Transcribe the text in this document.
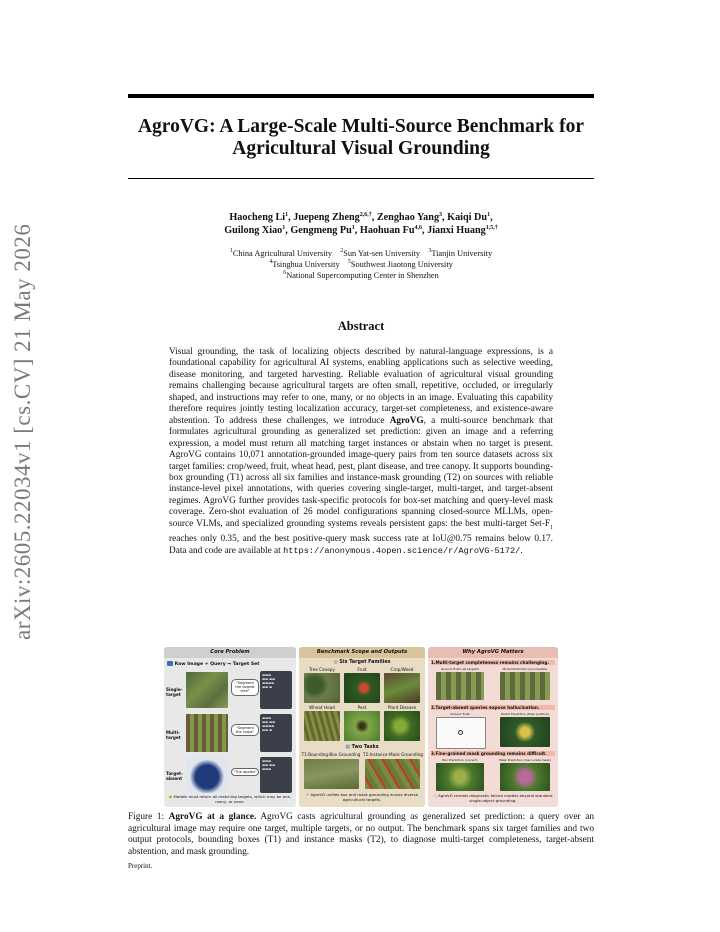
arXiv:2605.22034v1 [cs.CV] 21 May 2026
AgroVG: A Large-Scale Multi-Source Benchmark for
Agricultural Visual Grounding
Haocheng Li$^1$, Juepeng Zheng$^{2,6,\dagger}$, Zenghao Yang$^3$, Kaiqi Du$^1$,
Guilong Xiao$^1$, Gengmeng Pu$^1$, Haohuan Fu$^{4,6}$, Jianxi Huang$^{1,5,\dagger}$
$^1$China Agricultural University $^2$Sun Yat-sen University $^3$Tianjin University
$^4$Tsinghua University $^5$Southwest Jiaotong University
$^6$National Supercomputing Center in Shenzhen
Abstract
Visual grounding, the task of localizing objects described by natural-language expressions, is a foundational capability for agricultural AI systems, enabling applications such as selective weeding, disease monitoring, and targeted harvesting. Reliable evaluation of agricultural visual grounding remains challenging because agricultural targets are often small, repetitive, occluded, or irregularly shaped, and instructions may refer to one, many, or no objects in an image. Evaluating this capability therefore requires jointly testing localization accuracy, target-set completeness, and existence-aware abstention. To address these challenges, we introduce AgroVG, a multi-source benchmark that formulates agricultural grounding as generalized set prediction: given an image and a referring expression, a model must return all matching target instances or abstain when no target is present. AgroVG contains 10,071 annotation-grounded image-query pairs from ten source datasets across six target families: crop/weed, fruit, wheat head, pest, plant disease, and tree canopy. It supports bounding-box grounding (T1) across all six families and instance-mask grounding (T2) on sources with reliable instance-level pixel annotations, with queries covering single-target, multi-target, and target-absent regimes. AgroVG further provides task-specific protocols for box-set matching and query-level mask coverage. Zero-shot evaluation of 26 model configurations spanning closed-source MLLMs, open-source VLMs, and specialized grounding systems reveals persistent gaps: the best multi-target Set-$F_1$ reaches only 0.35, and the best positive-query mask success rate at IoU@0.75 remains below 0.17. Data and code are available at https://anonymous.4open.science/r/AgroVG-5172/.
Core Problem
Raw Image + Query → Target Set
Single-target
"Segment the largest tree"
▬▬▬
▬▬ ▬▬
▬▬▬▬
▬▬ ▬
Multi-target
"Segment the crops"
▬▬▬
▬▬ ▬▬
▬▬▬▬
▬▬ ▬
Target-absent
"The apples"
▬▬▬
▬▬ ▬▬
▬▬▬
● Models must return all matching targets, which may be one, many, or none.
Benchmark Scope and Outputs
◎ Six Target Families
Tree Canopy	Fruit	Crop/Weed
Wheat Head	Pest	Plant Disease
▤ Two Tasks
T1:Bounding-Box Grounding T2:Instance-Mask Grounding
✔ AgroVG unifies box and mask grounding across diverse agricultural targets.
Why AgroVG Matters
1.Multi-target completeness remains challenging.
Ground Truth (all targets)	Model Prediction (incomplete)
2.Target-absent queries expose hallucination.
Ground Truth	Model Prediction (false positive)
3.Fine-grained mask grounding remains difficult.
Box Prediction (correct)	Mask Prediction (inaccurate mask)
○ AgroVG reveals diagnostic failure models beyond standard single-object grounding.
Figure 1: AgroVG at a glance. AgroVG casts agricultural grounding as generalized set prediction: a query over an agricultural image may require one target, multiple targets, or no output. The benchmark spans six target families and two output protocols, bounding boxes (T1) and instance masks (T2), to diagnose multi-target completeness, target-absent abstention, and mask grounding.
Preprint.
